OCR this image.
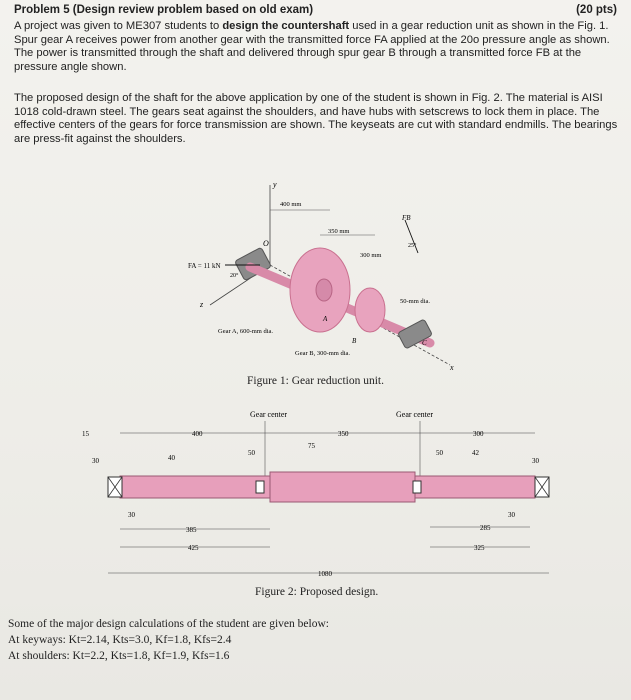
Problem 5 (Design review problem based on old exam)	(20 pts)
A project was given to ME307 students to design the countershaft used in a gear reduction unit as shown in the Fig. 1. Spur gear A receives power from another gear with the transmitted force FA applied at the 20o pressure angle as shown. The power is transmitted through the shaft and delivered through spur gear B through a transmitted force FB at the pressure angle shown.
The proposed design of the shaft for the above application by one of the student is shown in Fig. 2. The material is AISI 1018 cold-drawn steel. The gears seat against the shoulders, and have hubs with setscrews to lock them in place. The effective centers of the gears for force transmission are shown. The keyseats are cut with standard endmills. The bearings are press-fit against the shoulders.
y
z
x
400 mm
350 mm
300 mm
O
A
B	C
FA = 11 kN
20°
FB
25°
50-mm dia.
Gear A, 600-mm dia.
Gear B, 300-mm dia.
Figure 1: Gear reduction unit.
Gear center	Gear center
400	350	300
15
30	40
50
75
50	42
30
30
385
425
30
285
325
1080
Figure 2: Proposed design.
Some of the major design calculations of the student are given below:
At keyways: Kt=2.14, Kts=3.0, Kf=1.8, Kfs=2.4
At shoulders: Kt=2.2, Kts=1.8, Kf=1.9, Kfs=1.6
